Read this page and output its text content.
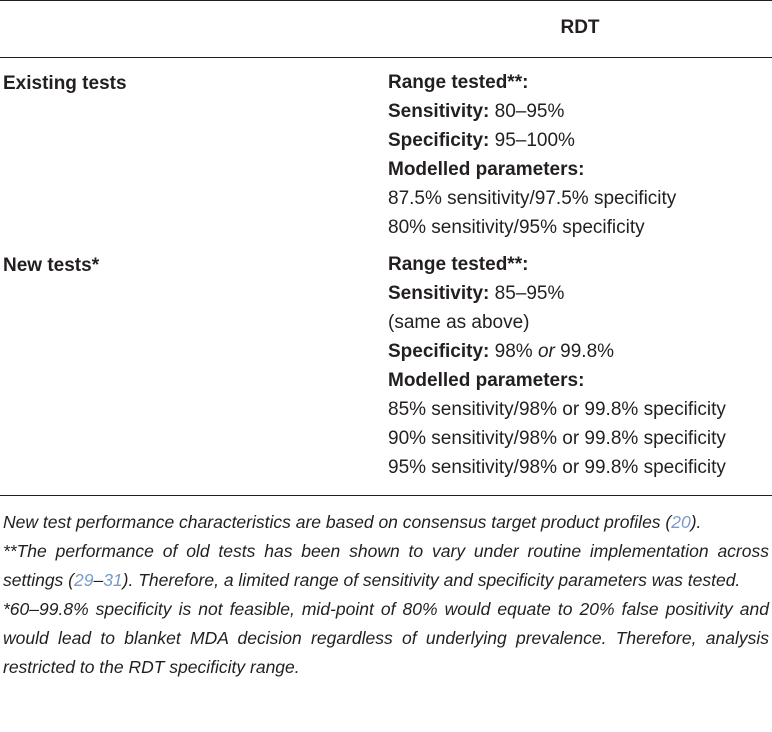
RDT
Existing tests	Range tested**:
Sensitivity: 80–95%
Specificity: 95–100%
Modelled parameters:
87.5% sensitivity/97.5% specificity
80% sensitivity/95% specificity
New tests*	Range tested**:
Sensitivity: 85–95%
(same as above)
Specificity: 98% or 99.8%
Modelled parameters:
85% sensitivity/98% or 99.8% specificity
90% sensitivity/98% or 99.8% specificity
95% sensitivity/98% or 99.8% specificity

New test performance characteristics are based on consensus target product profiles (20).

**The performance of old tests has been shown to vary under routine implementation across settings (29–31). Therefore, a limited range of sensitivity and specificity parameters was tested.

*60–99.8% specificity is not feasible, mid-point of 80% would equate to 20% false positivity and would lead to blanket MDA decision regardless of underlying prevalence. Therefore, analysis restricted to the RDT specificity range.
